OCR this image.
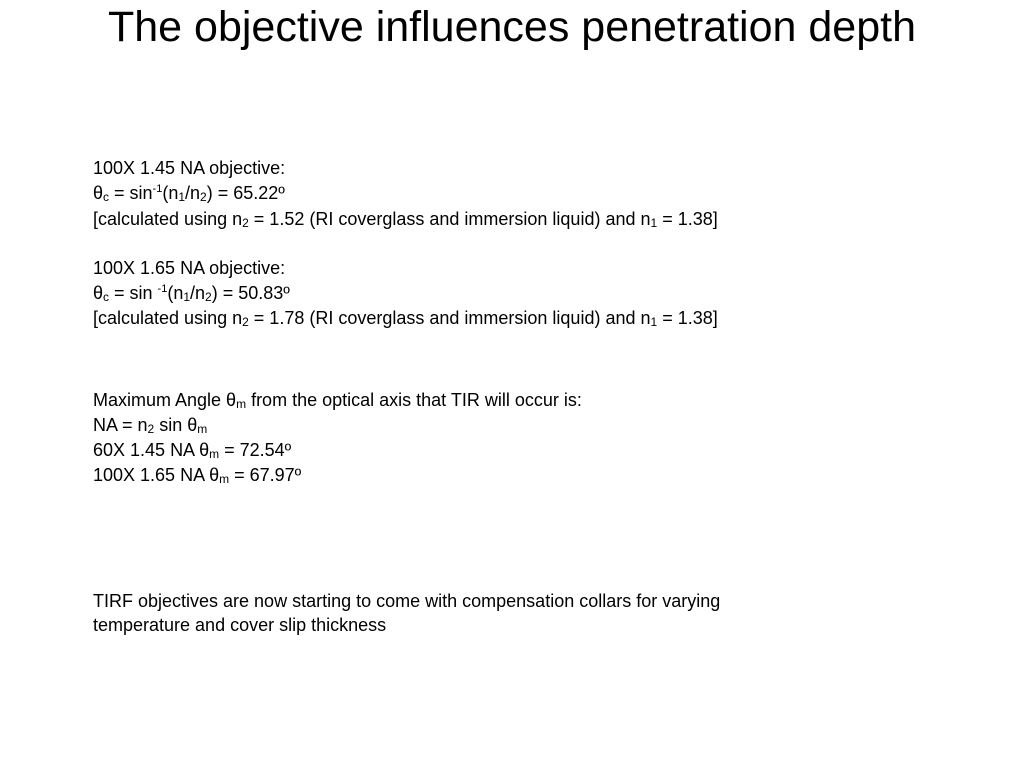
The objective influences penetration depth
100X 1.45 NA objective:
$\theta c = \sin^{-1}(n1/n2)$ = 65.22º
[calculated using n2 = 1.52 (RI coverglass and immersion liquid) and n1 = 1.38]
100X 1.65 NA objective:
θc = sin $^{-1}$(n1/n2) = 50.83º
[calculated using n2 = 1.78 (RI coverglass and immersion liquid) and n1 = 1.38]
Maximum Angle θm from the optical axis that TIR will occur is:
NA = n2 sin θm
60X 1.45 NA θm = 72.54º
100X 1.65 NA θm = 67.97º
TIRF objectives are now starting to come with compensation collars for varying
temperature and cover slip thickness
